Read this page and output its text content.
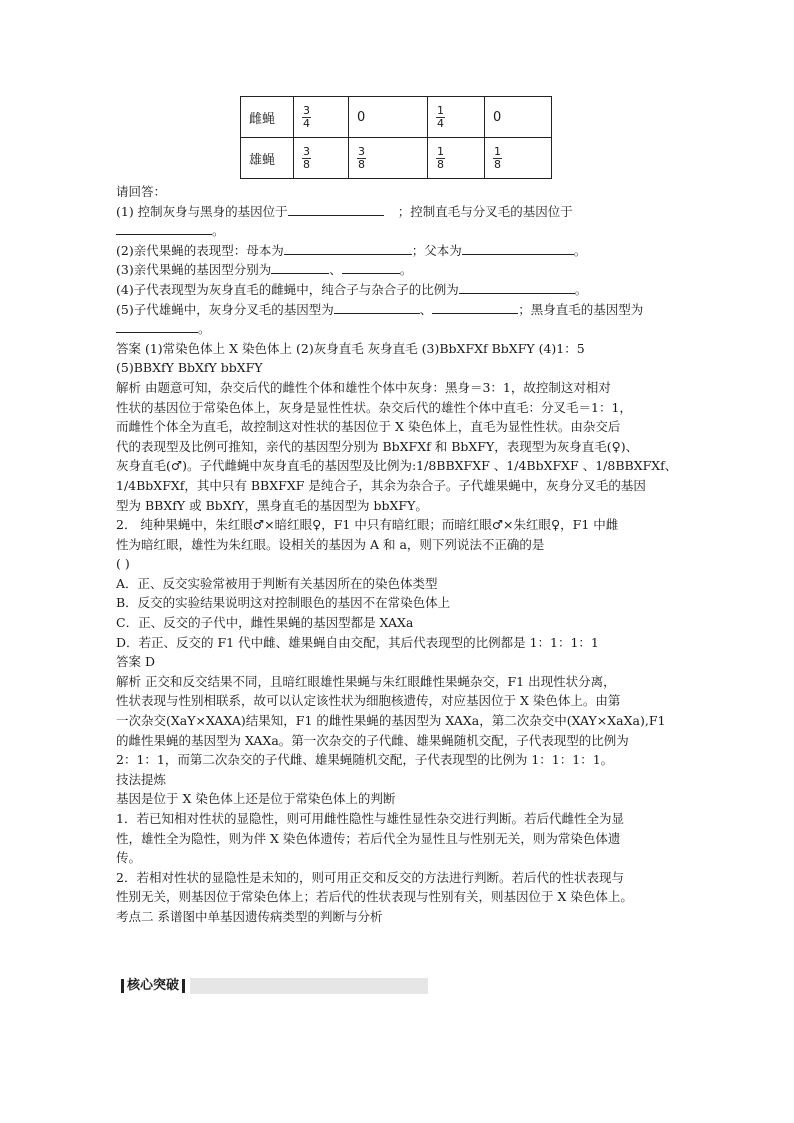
雌蝇	$\frac{3}{4}$	0	$\frac{1}{4}$	0
雄蝇	$\frac{3}{8}$	$\frac{3}{8}$	$\frac{1}{8}$	$\frac{1}{8}$
请回答：
(1) 控制灰身与黑身的基因位于	；控制直毛与分叉毛的基因位于
。
(2)亲代果蝇的表现型：母本为	；父本为	。
(3)亲代果蝇的基因型分别为	、	。
(4)子代表现型为灰身直毛的雌蝇中，纯合子与杂合子的比例为	。
(5)子代雄蝇中，灰身分叉毛的基因型为	、	；黑身直毛的基因型为
。
答案 (1)常染色体上 X 染色体上 (2)灰身直毛 灰身直毛 (3)BbXFXf BbXFY (4)1：5
(5)BBXfY BbXfY bbXFY
解析 由题意可知，杂交后代的雌性个体和雄性个体中灰身：黑身＝3：1，故控制这对相对
性状的基因位于常染色体上，灰身是显性性状。杂交后代的雄性个体中直毛：分叉毛＝1：1，
而雌性个体全为直毛，故控制这对性状的基因位于 X 染色体上，直毛为显性性状。由杂交后
代的表现型及比例可推知，亲代的基因型分别为 BbXFXf 和 BbXFY，表现型为灰身直毛(♀)、
灰身直毛(♂)。子代雌蝇中灰身直毛的基因型及比例为:1/8BBXFXF 、1/4BbXFXF 、1/8BBXFXf、
1/4BbXFXf，其中只有 BBXFXF 是纯合子，其余为杂合子。子代雄果蝇中，灰身分叉毛的基因
型为 BBXfY 或 BbXfY，黑身直毛的基因型为 bbXFY。
2． 纯种果蝇中，朱红眼♂×暗红眼♀，F1 中只有暗红眼；而暗红眼♂×朱红眼♀，F1 中雌
性为暗红眼，雄性为朱红眼。设相关的基因为 A 和 a，则下列说法不正确的是
( )
A．正、反交实验常被用于判断有关基因所在的染色体类型
B．反交的实验结果说明这对控制眼色的基因不在常染色体上
C．正、反交的子代中，雌性果蝇的基因型都是 XAXa
D．若正、反交的 F1 代中雌、雄果蝇自由交配，其后代表现型的比例都是 1：1：1：1
答案 D
解析 正交和反交结果不同，且暗红眼雄性果蝇与朱红眼雌性果蝇杂交，F1 出现性状分离，
性状表现与性别相联系，故可以认定该性状为细胞核遗传，对应基因位于 X 染色体上。由第
一次杂交(XaY×XAXA)结果知，F1 的雌性果蝇的基因型为 XAXa，第二次杂交中(XAY×XaXa),F1
的雌性果蝇的基因型为 XAXa。第一次杂交的子代雌、雄果蝇随机交配，子代表现型的比例为
2：1：1，而第二次杂交的子代雌、雄果蝇随机交配，子代表现型的比例为 1：1：1：1。
技法提炼
基因是位于 X 染色体上还是位于常染色体上的判断
1．若已知相对性状的显隐性，则可用雌性隐性与雄性显性杂交进行判断。若后代雌性全为显
性，雄性全为隐性，则为伴 X 染色体遗传；若后代全为显性且与性别无关，则为常染色体遗
传。
2．若相对性状的显隐性是未知的，则可用正交和反交的方法进行判断。若后代的性状表现与
性别无关，则基因位于常染色体上；若后代的性状表现与性别有关，则基因位于 X 染色体上。
考点二 系谱图中单基因遗传病类型的判断与分析
核心突破
